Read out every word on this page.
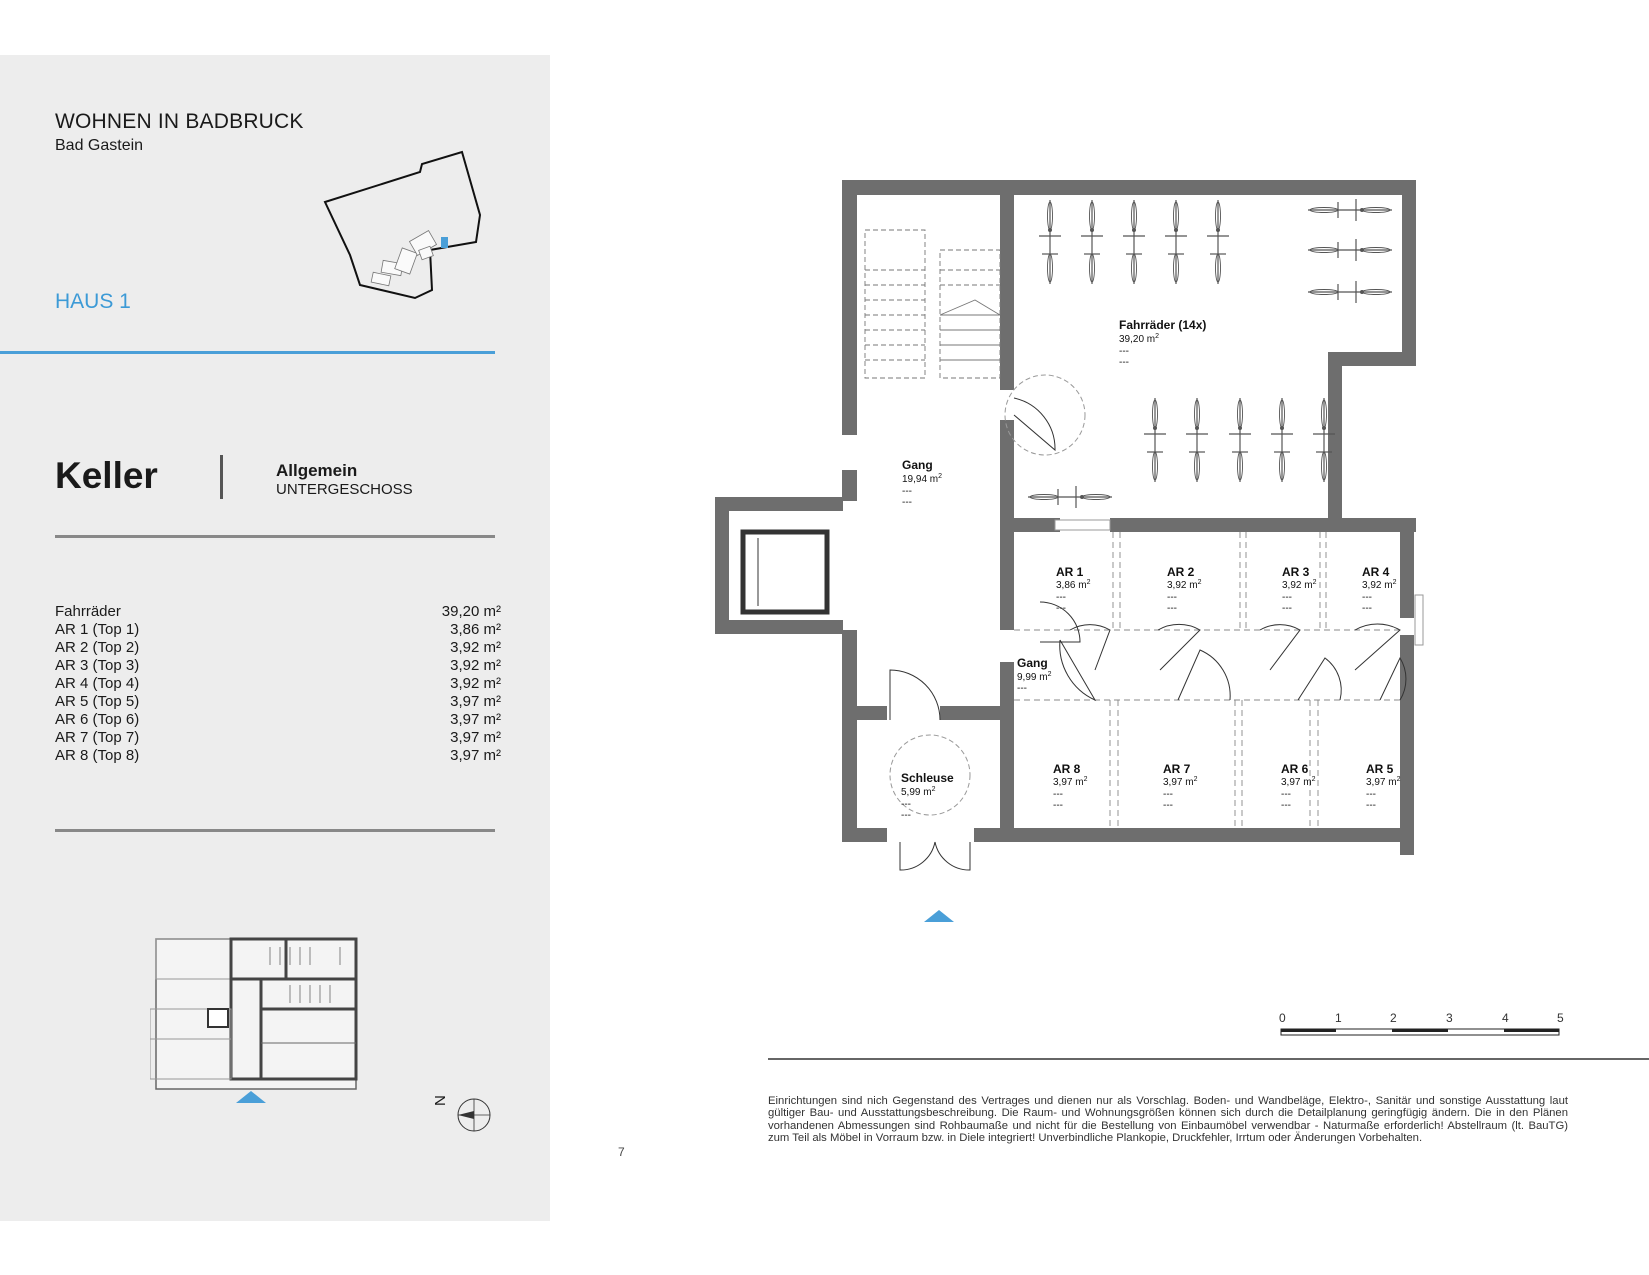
WOHNEN IN BADBRUCK
Bad Gastein
HAUS 1
Keller	Allgemein
UNTERGESCHOSS
Fahrräder	39,20 m²
AR 1 (Top 1)	3,86 m²
AR 2 (Top 2)	3,92 m²
AR 3 (Top 3)	3,92 m²
AR 4 (Top 4)	3,92 m²
AR 5 (Top 5)	3,97 m²
AR 6 (Top 6)	3,97 m²
AR 7 (Top 7)	3,97 m²
AR 8 (Top 8)	3,97 m²
N
Fahrräder (14x)
39,20 $m^2$
---
---
Gang
19,94 $m^2$
---
---
Gang
9,99 $m^2$
---
Schleuse
5,99 $m^2$
---
---
AR 1
3,86 $m^2$
---
---
AR 2
3,92 $m^2$
---
---
AR 3
3,92 $m^2$
---
---
AR 4
3,92 $m^2$
---
---
AR 8
3,97 $m^2$
---
---
AR 7
3,97 $m^2$
---
---
AR 6
3,97 $m^2$
---
---
AR 5
3,97 $m^2$
---
---
0	1	2	3	4	5
Einrichtungen sind nich Gegenstand des Vertrages und dienen nur als Vorschlag. Boden- und Wandbeläge, Elektro-, Sanitär und sonstige Ausstattung laut gültiger Bau- und Ausstattungsbeschreibung. Die Raum- und Wohnungsgrößen können sich durch die Detailplanung geringfügig ändern. Die in den Plänen vorhandenen Abmessungen sind Rohbaumaße und nicht für die Bestellung von Einbaumöbel verwendbar - Naturmaße erforderlich! Abstellraum (lt. BauTG) zum Teil als Möbel in Vorraum bzw. in Diele integriert! Unverbindliche Plankopie, Druckfehler, Irrtum oder Änderungen Vorbehalten.
7
